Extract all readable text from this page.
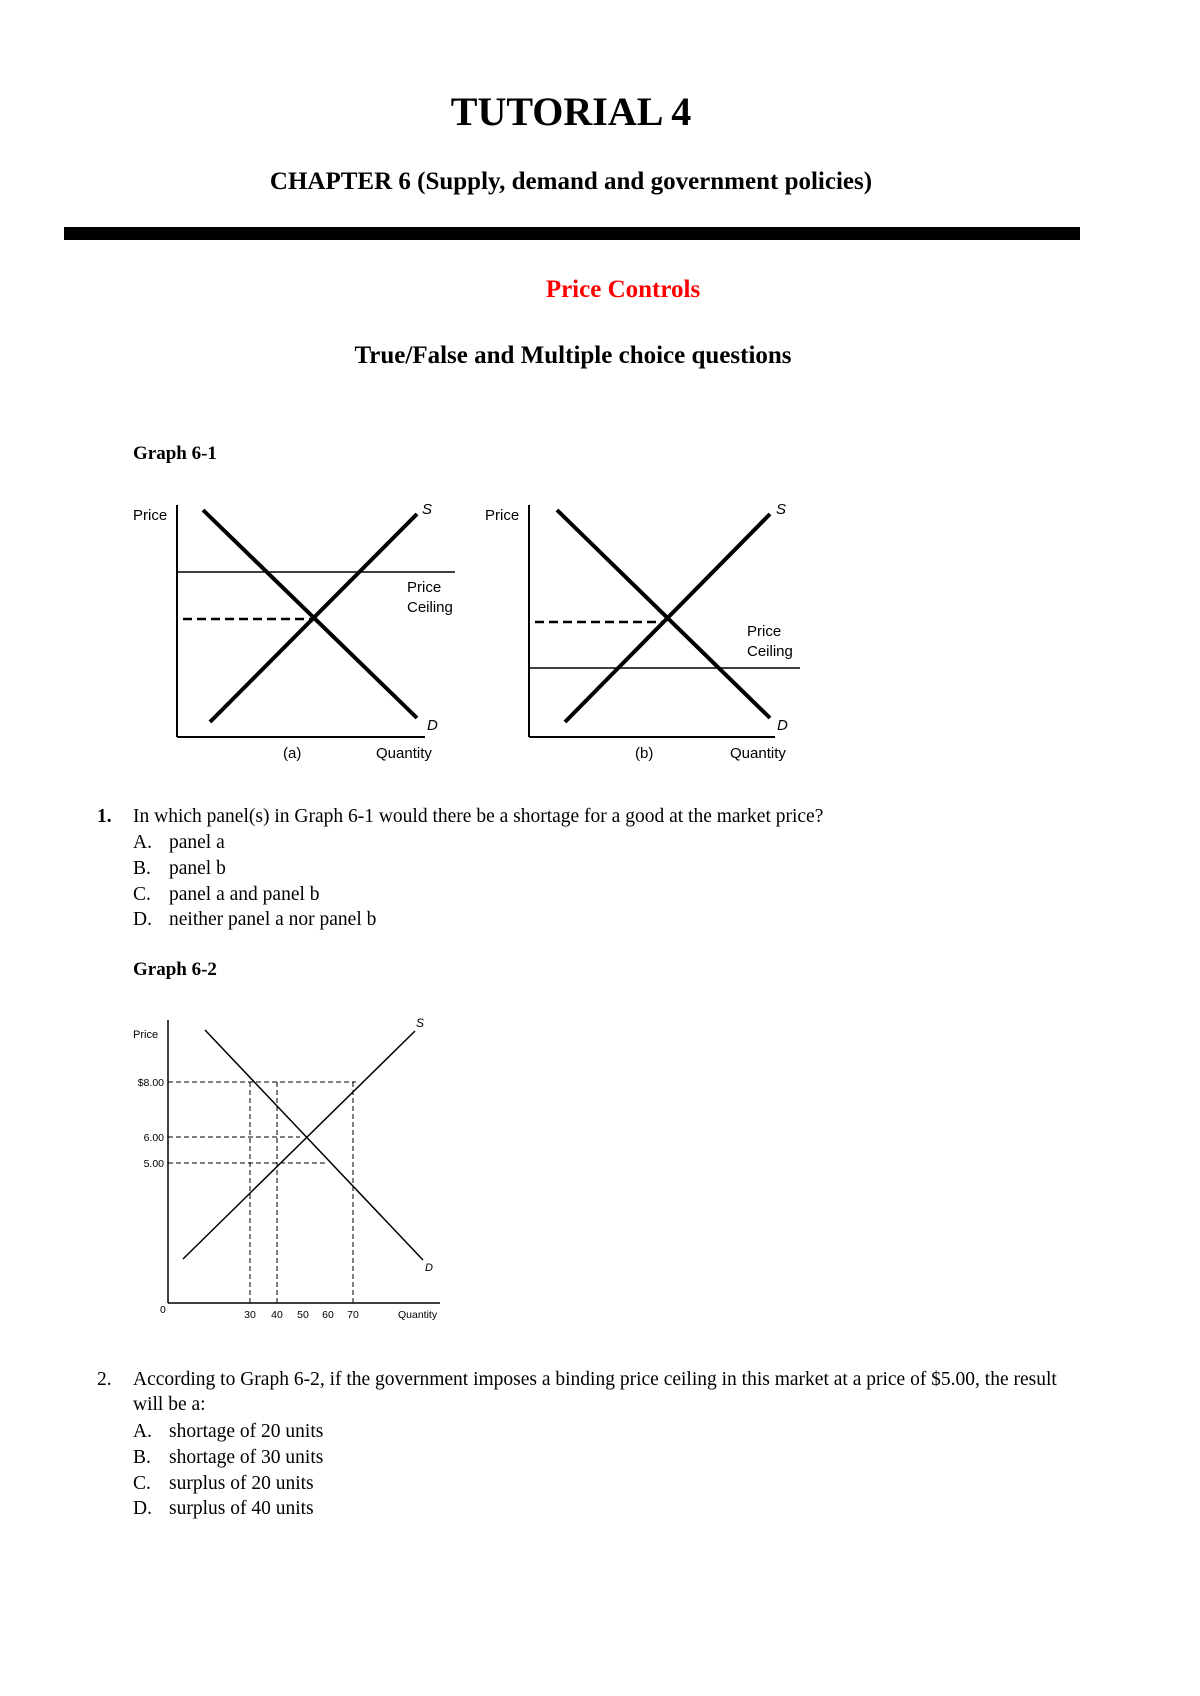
TUTORIAL 4
CHAPTER 6 (Supply, demand and government policies)
Price Controls
True/False and Multiple choice questions
Graph 6-1
Price	S
D
Price
Ceiling
(a)	Quantity
Price	S
D
Price
Ceiling
(b)	Quantity
1. In which panel(s) in Graph 6-1 would there be a shortage for a good at the market price?
A. panel a
B. panel b
C. panel a and panel b
D. neither panel a nor panel b
Graph 6-2
Price
S
D
$8.00
6.00
5.00
0	30 40 50 60 70	Quantity
2. According to Graph 6-2, if the government imposes a binding price ceiling in this market at a price of $5.00, the result will be a:
A. shortage of 20 units
B. shortage of 30 units
C. surplus of 20 units
D. surplus of 40 units
